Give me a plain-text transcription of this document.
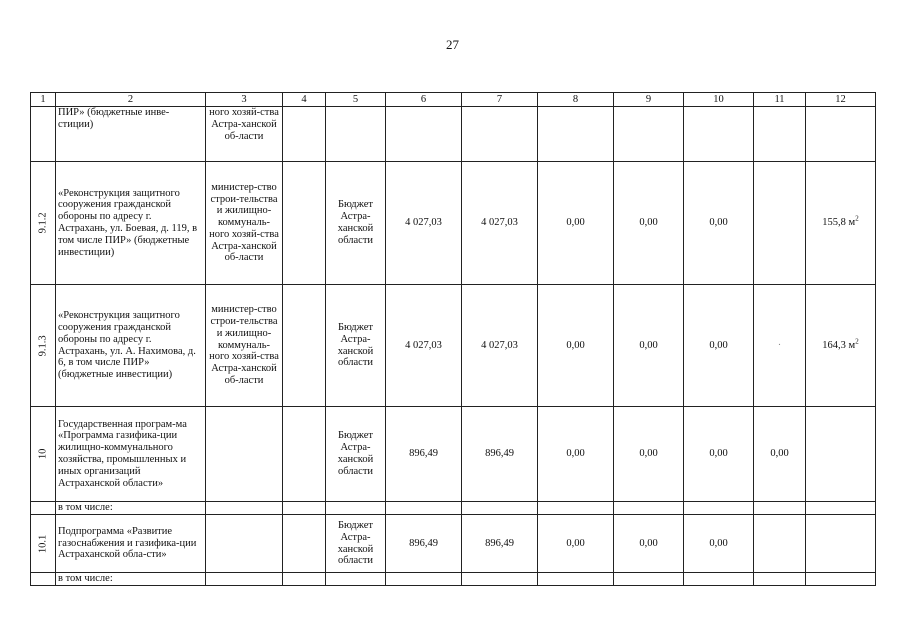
27
1	2	3	4	5	6	7	8	9	10	11	12
	ПИР» (бюджетные инве-стиции)	ного хозяй-ства Астра-ханской об-ласти									
9.1.2	«Реконструкция защитного сооружения гражданской обороны по адресу г. Астрахань, ул. Боевая, д. 119, в том числе ПИР» (бюджетные инвестиции)	министер-ство строи-тельства и жилищно-коммуналь-ного хозяй-ства Астра-ханской об-ласти		Бюджет Астра-ханской области	4 027,03	4 027,03	0,00	0,00	0,00		155,8 $м^2$
9.1.3	«Реконструкция защитного сооружения гражданской обороны по адресу г. Астрахань, ул. А. Нахимова, д. 6, в том числе ПИР» (бюджетные инвестиции)	министер-ство строи-тельства и жилищно-коммуналь-ного хозяй-ства Астра-ханской об-ласти		Бюджет Астра-ханской области	4 027,03	4 027,03	0,00	0,00	0,00	·	164,3 $м^2$
10	Государственная програм-ма «Программа газифика-ции жилищно-коммунального хозяйства, промышленных и иных организаций Астраханской области»			Бюджет Астра-ханской области	896,49	896,49	0,00	0,00	0,00	0,00	
	в том числе:										
10.1	Подпрограмма «Развитие газоснабжения и газифика-ции Астраханской обла-сти»			Бюджет Астра-ханской области	896,49	896,49	0,00	0,00	0,00		
	в том числе:										
